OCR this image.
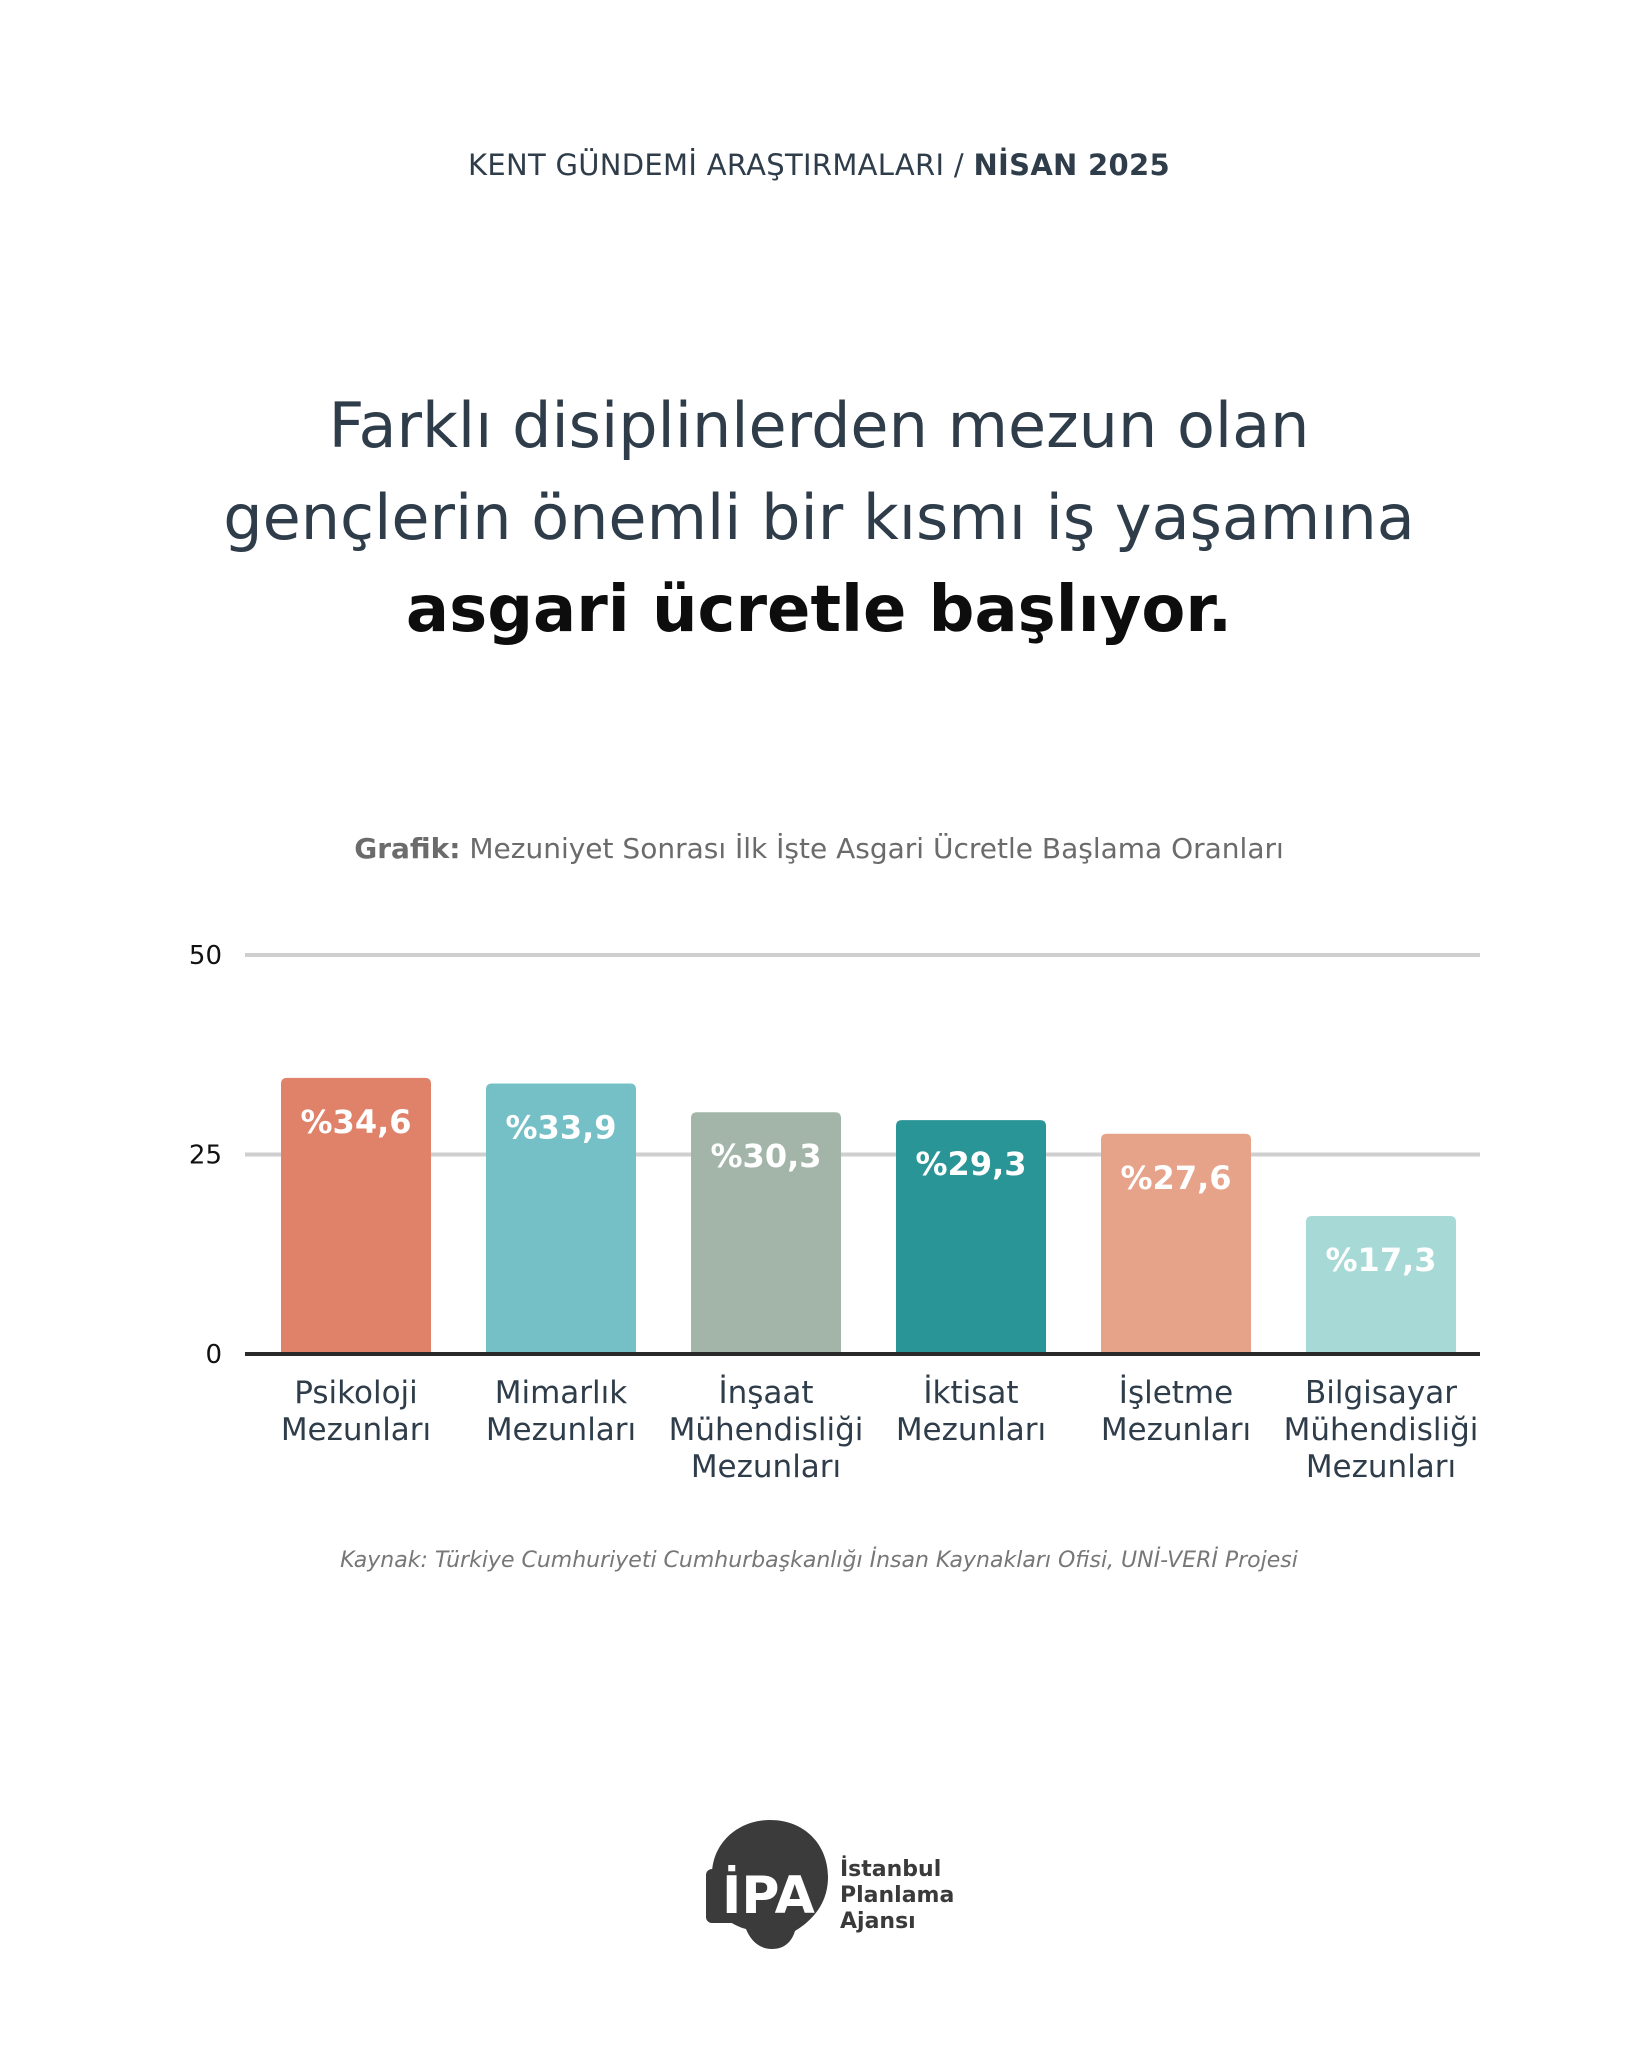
KENT GÜNDEMİ ARAŞTIRMALARI / NİSAN 2025
Farklı disiplinlerden mezun olan
gençlerin önemli bir kısmı iş yaşamına
asgari ücretle başlıyor.
Grafik: Mezuniyet Sonrası İlk İşte Asgari Ücretle Başlama Oranları
0
25
50
%34,6
Psikoloji
Mezunları
%33,9
Mimarlık
Mezunları
%30,3
İnşaat
Mühendisliği
Mezunları
%29,3
İktisat
Mezunları
%27,6
İşletme
Mezunları
%17,3
Bilgisayar
Mühendisliği
Mezunları
Kaynak: Türkiye Cumhuriyeti Cumhurbaşkanlığı İnsan Kaynakları Ofisi, UNİ-VERİ Projesi
İPA İstanbul
Planlama
Ajansı
